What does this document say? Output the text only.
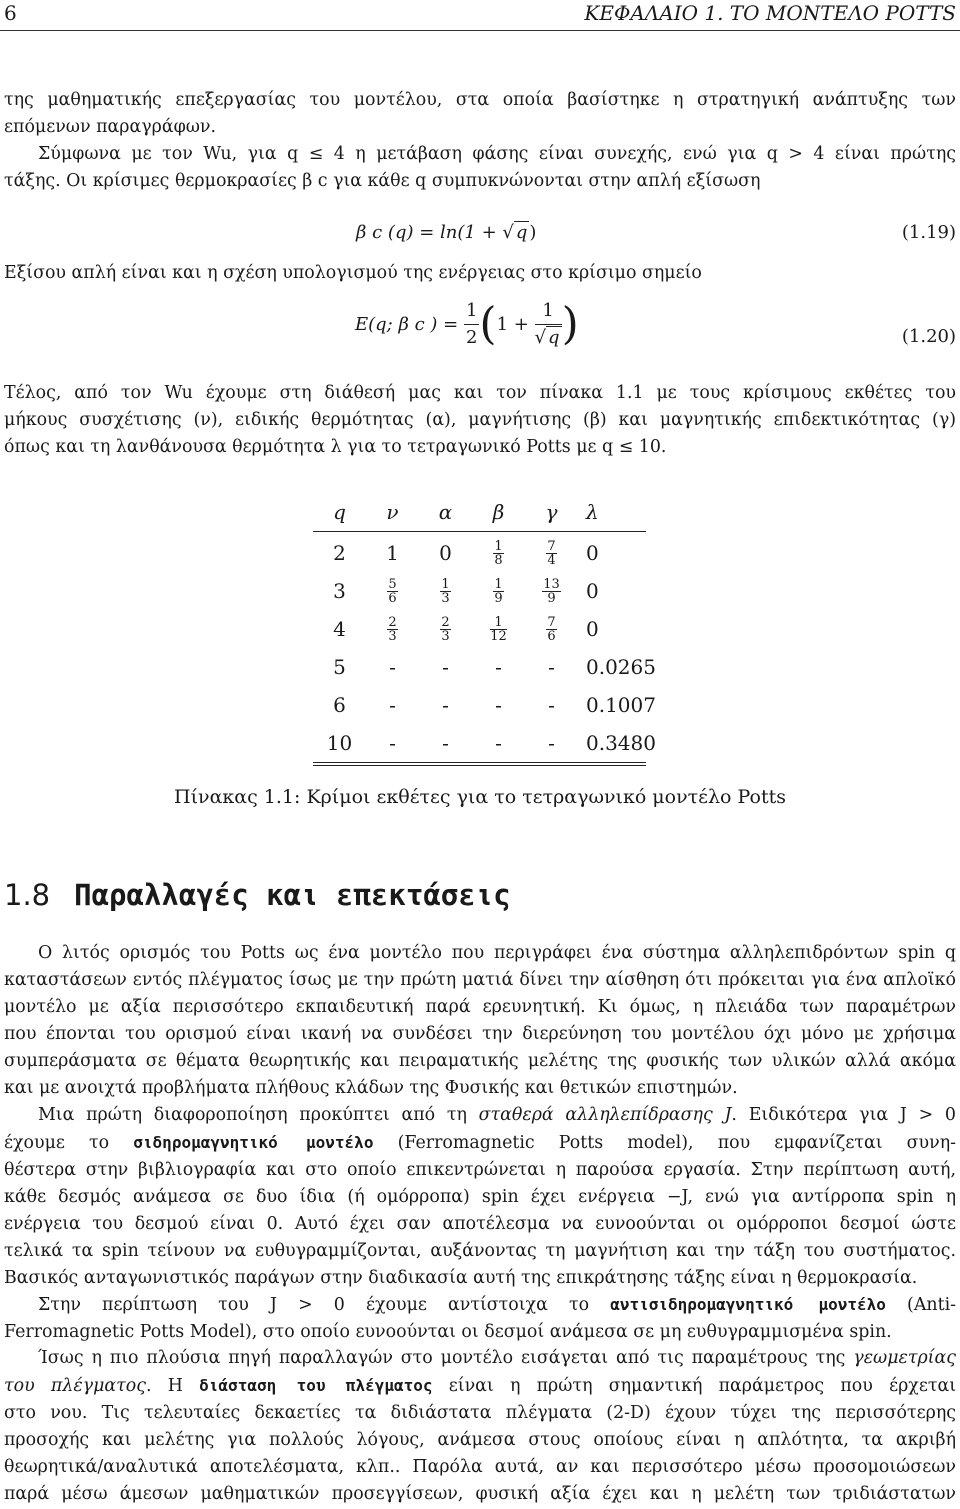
6	ΚΕΦΑΛΑΙΟ 1. ΤΟ ΜΟΝΤΕΛΟ POTTS
της μαθηματικής επεξεργασίας του μοντέλου, στα οποία βασίστηκε η στρατηγική ανάπτυξης των
επόμενων παραγράφων.
Σύμφωνα με τον Wu, για q ≤ 4 η μετάβαση φάσης είναι συνεχής, ενώ για q > 4 είναι πρώτης
τάξης. Οι κρίσιμες θερμοκρασίες β c για κάθε q συμπυκνώνονται στην απλή εξίσωση
β c (q) = ln(1 + √ q )	(1.19)
Εξίσου απλή είναι και η σχέση υπολογισμού της ενέργειας στο κρίσιμο σημείο
E(q; β c ) = $\frac{1}{2} (1 + \frac{1}{√ q}$ )	(1.20)
Τέλος, από τον Wu έχουμε στη διάθεσή μας και τον πίνακα 1.1 με τους κρίσιμους εκθέτες του
μήκους συσχέτισης (ν), ειδικής θερμότητας (α), μαγνήτισης (β) και μαγνητικής επιδεκτικότητας (γ)
όπως και τη λανθάνουσα θερμότητα λ για το τετραγωνικό Potts με q ≤ 10.
q	ν	α	β	γ	λ
2	1	0	$\frac{1}{8}$	$\frac{7}{4}$	0
3	$\frac{5}{6}$	$\frac{1}{3}$	$\frac{1}{9}$	$\frac{13}{9}$	0
4	$\frac{2}{3}$	$\frac{2}{3}$	$\frac{1}{12}$	$\frac{7}{6}$	0
5	-	-	-	-	0.0265
6	-	-	-	-	0.1007
10	-	-	-	-	0.3480
Πίνακας 1.1: Κρίμοι εκθέτες για το τετραγωνικό μοντέλο Potts
1.8 Παραλλαγές και επεκτάσεις
Ο λιτός ορισμός του Potts ως ένα μοντέλο που περιγράφει ένα σύστημα αλληλεπιδρόντων spin q
καταστάσεων εντός πλέγματος ίσως με την πρώτη ματιά δίνει την αίσθηση ότι πρόκειται για ένα απλοϊκό
μοντέλο με αξία περισσότερο εκπαιδευτική παρά ερευνητική. Κι όμως, η πλειάδα των παραμέτρων
που έπονται του ορισμού είναι ικανή να συνδέσει την διερεύνηση του μοντέλου όχι μόνο με χρήσιμα
συμπεράσματα σε θέματα θεωρητικής και πειραματικής μελέτης της φυσικής των υλικών αλλά ακόμα
και με ανοιχτά προβλήματα πλήθους κλάδων της Φυσικής και θετικών επιστημών.
Μια πρώτη διαφοροποίηση προκύπτει από τη σταθερά αλληλεπίδρασης J. Ειδικότερα για J > 0
έχουμε το σιδηρομαγνητικό μοντέλο (Ferromagnetic Potts model), που εμφανίζεται συνη-
θέστερα στην βιβλιογραφία και στο οποίο επικεντρώνεται η παρούσα εργασία. Στην περίπτωση αυτή,
κάθε δεσμός ανάμεσα σε δυο ίδια (ή ομόρροπα) spin έχει ενέργεια −J, ενώ για αντίρροπα spin η
ενέργεια του δεσμού είναι 0. Αυτό έχει σαν αποτέλεσμα να ευνοούνται οι ομόρροποι δεσμοί ώστε
τελικά τα spin τείνουν να ευθυγραμμίζονται, αυξάνοντας τη μαγνήτιση και την τάξη του συστήματος.
Βασικός ανταγωνιστικός παράγων στην διαδικασία αυτή της επικράτησης τάξης είναι η θερμοκρασία.
Στην περίπτωση του J > 0 έχουμε αντίστοιχα το αντισιδηρομαγνητικό μοντέλο (Anti-
Ferromagnetic Potts Model), στο οποίο ευνοούνται οι δεσμοί ανάμεσα σε μη ευθυγραμμισμένα spin.
Ίσως η πιο πλούσια πηγή παραλλαγών στο μοντέλο εισάγεται από τις παραμέτρους της γεωμετρίας
του πλέγματος. Η διάσταση του πλέγματος είναι η πρώτη σημαντική παράμετρος που έρχεται
στο νου. Τις τελευταίες δεκαετίες τα διδιάστατα πλέγματα (2-D) έχουν τύχει της περισσότερης
προσοχής και μελέτης για πολλούς λόγους, ανάμεσα στους οποίους είναι η απλότητα, τα ακριβή
θεωρητικά/αναλυτικά αποτελέσματα, κλπ.. Παρόλα αυτά, αν και περισσότερο μέσω προσομοιώσεων
παρά μέσω άμεσων μαθηματικών προσεγγίσεων, φυσική αξία έχει και η μελέτη των τριδιάστατων
